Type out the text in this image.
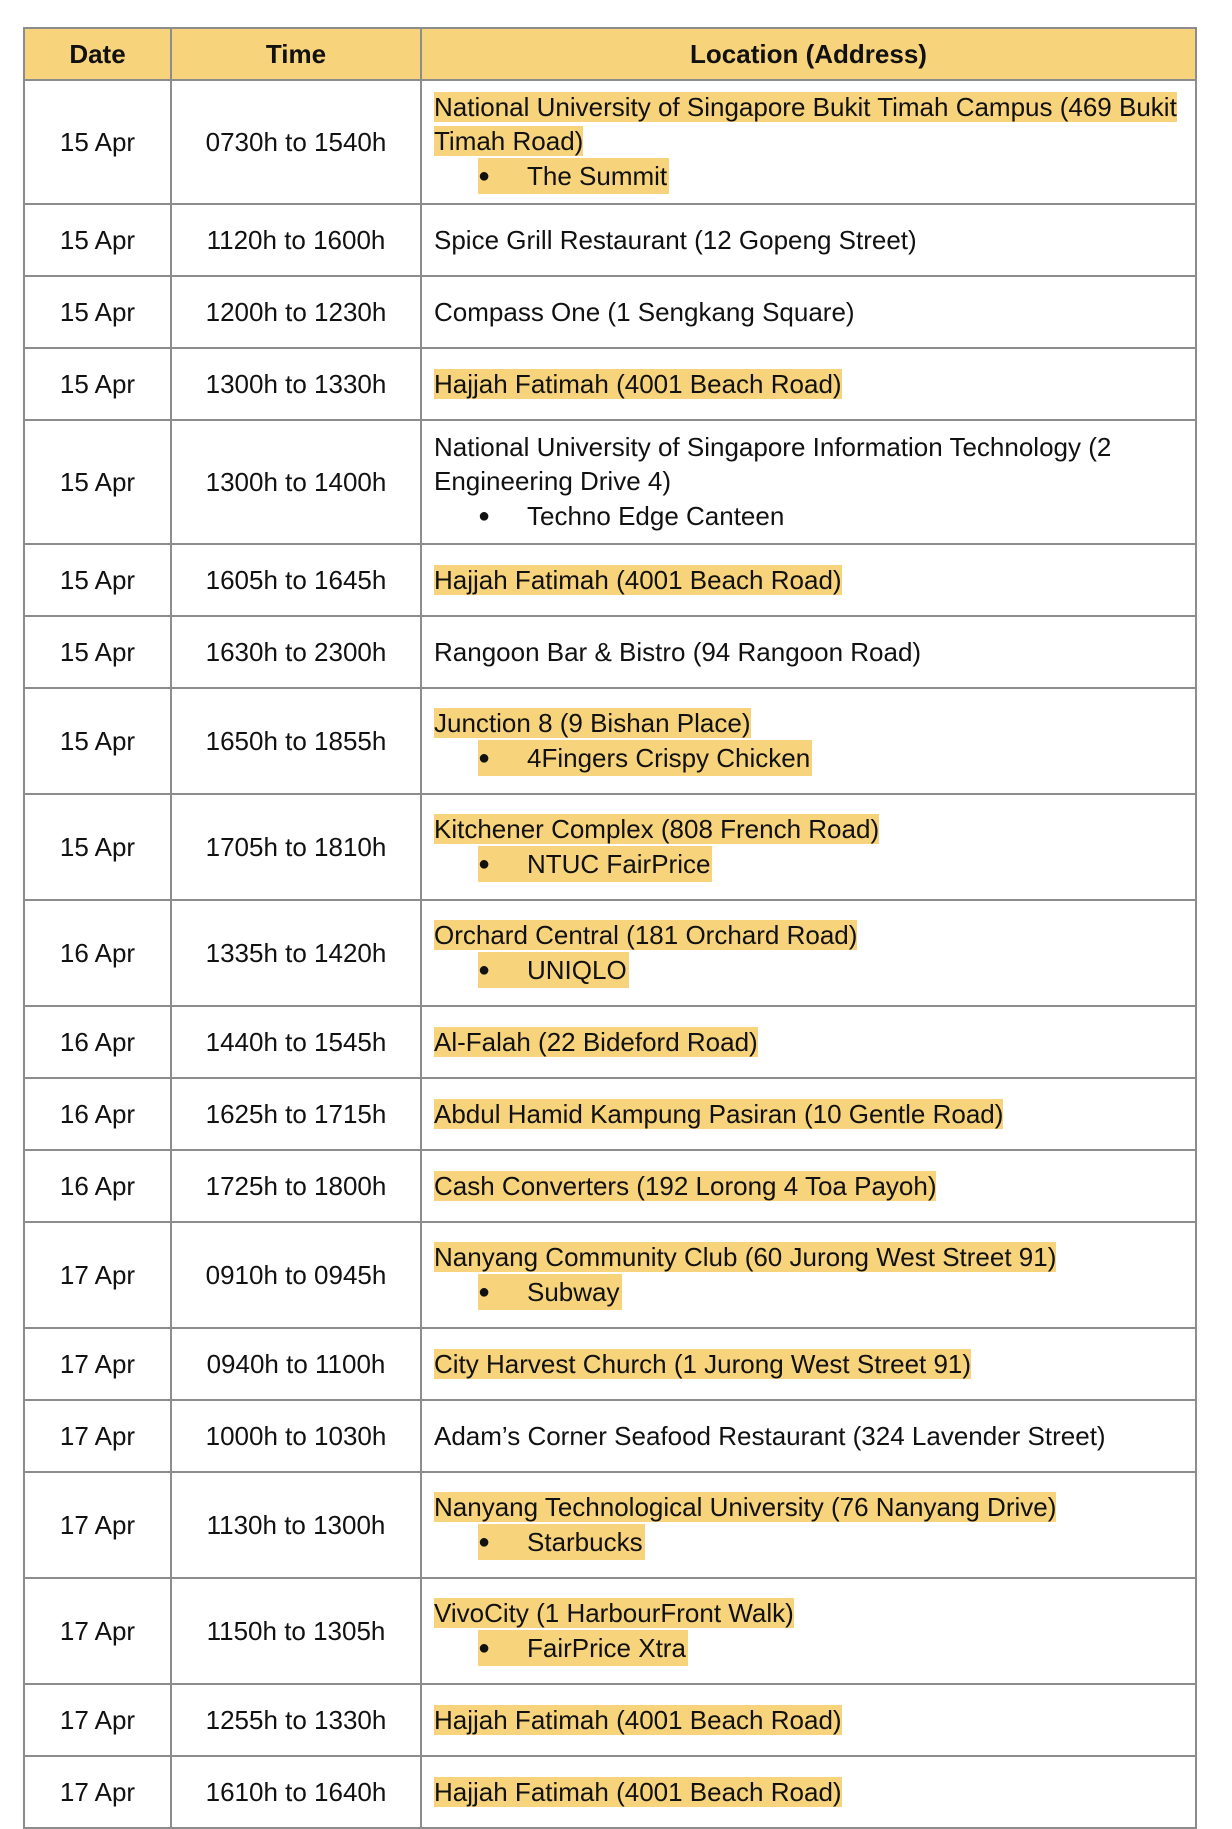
Date	Time	Location (Address)
15 Apr	0730h to 1540h	National University of Singapore Bukit Timah Campus (469 Bukit Timah Road)
● The Summit
15 Apr	1120h to 1600h	Spice Grill Restaurant (12 Gopeng Street)
15 Apr	1200h to 1230h	Compass One (1 Sengkang Square)
15 Apr	1300h to 1330h	Hajjah Fatimah (4001 Beach Road)
15 Apr	1300h to 1400h	National University of Singapore Information Technology (2 Engineering Drive 4)
● Techno Edge Canteen
15 Apr	1605h to 1645h	Hajjah Fatimah (4001 Beach Road)
15 Apr	1630h to 2300h	Rangoon Bar & Bistro (94 Rangoon Road)
15 Apr	1650h to 1855h	Junction 8 (9 Bishan Place)
● 4Fingers Crispy Chicken
15 Apr	1705h to 1810h	Kitchener Complex (808 French Road)
● NTUC FairPrice
16 Apr	1335h to 1420h	Orchard Central (181 Orchard Road)
● UNIQLO
16 Apr	1440h to 1545h	Al-Falah (22 Bideford Road)
16 Apr	1625h to 1715h	Abdul Hamid Kampung Pasiran (10 Gentle Road)
16 Apr	1725h to 1800h	Cash Converters (192 Lorong 4 Toa Payoh)
17 Apr	0910h to 0945h	Nanyang Community Club (60 Jurong West Street 91)
● Subway
17 Apr	0940h to 1100h	City Harvest Church (1 Jurong West Street 91)
17 Apr	1000h to 1030h	Adam’s Corner Seafood Restaurant (324 Lavender Street)
17 Apr	1130h to 1300h	Nanyang Technological University (76 Nanyang Drive)
● Starbucks
17 Apr	1150h to 1305h	VivoCity (1 HarbourFront Walk)
● FairPrice Xtra
17 Apr	1255h to 1330h	Hajjah Fatimah (4001 Beach Road)
17 Apr	1610h to 1640h	Hajjah Fatimah (4001 Beach Road)
